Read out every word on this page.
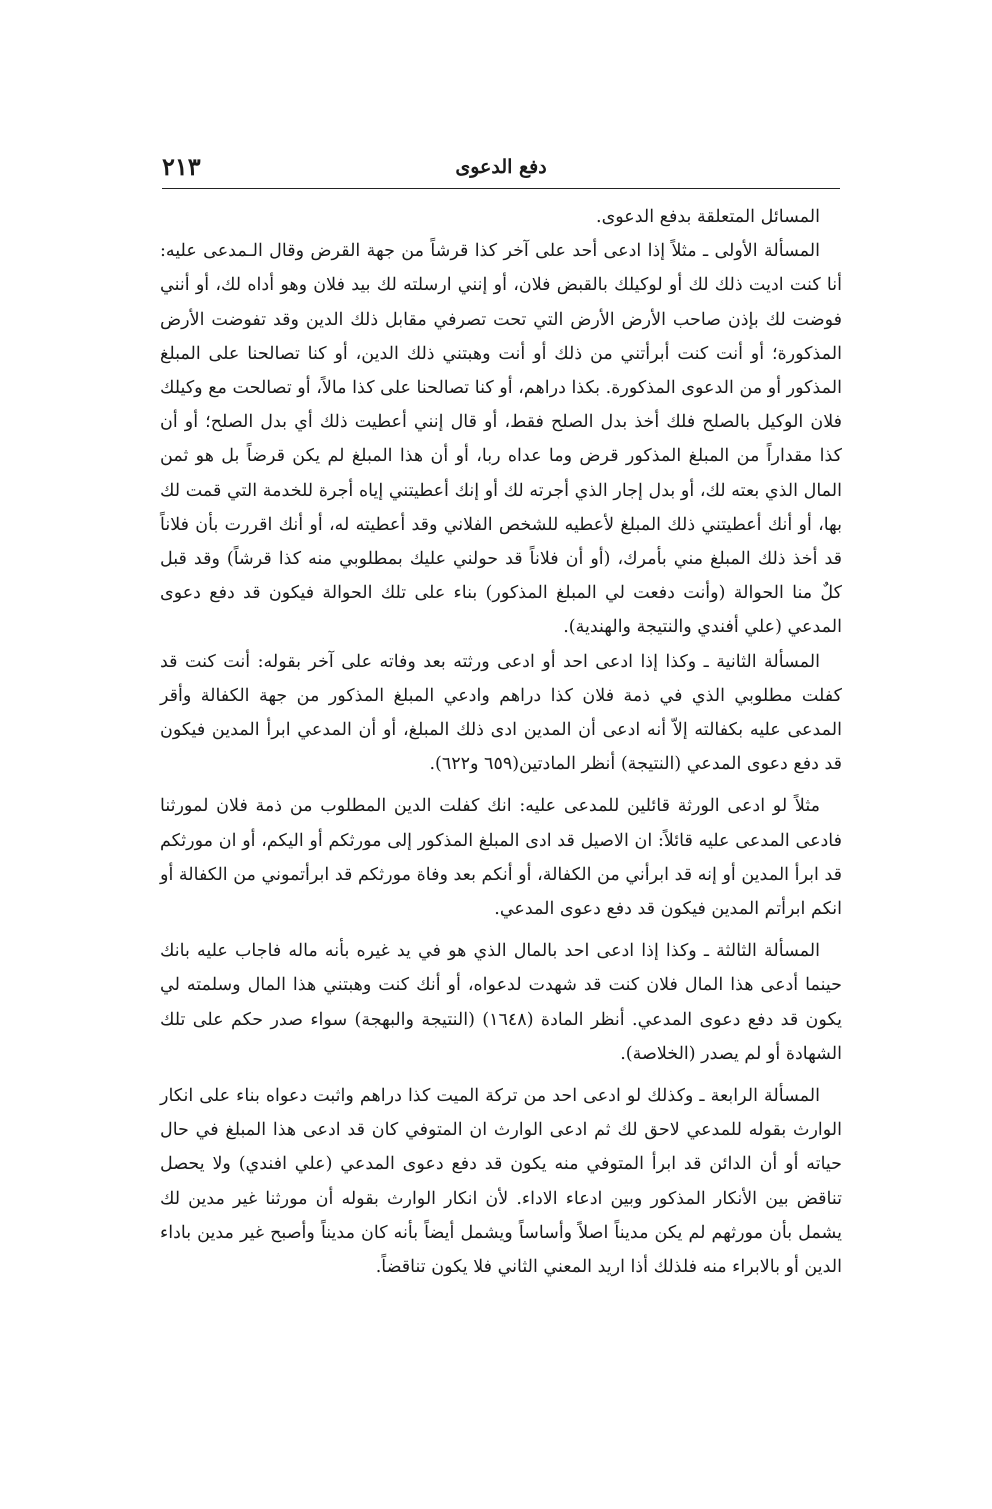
٢١٣	دفع الدعوى

المسائل المتعلقة بدفع الدعوى.

المسألة الأولى ـ مثلاً إذا ادعى أحد على آخر كذا قرشاً من جهة القرض وقال الـمدعى عليه: أنا كنت اديت ذلك لك أو لوكيلك بالقبض فلان، أو إنني ارسلته لك بيد فلان وهو أداه لك، أو أنني فوضت لك بإذن صاحب الأرض الأرض التي تحت تصرفي مقابل ذلك الدين وقد تفوضت الأرض المذكورة؛ أو أنت كنت أبرأتني من ذلك أو أنت وهبتني ذلك الدين، أو كنا تصالحنا على المبلغ المذكور أو من الدعوى المذكورة. بكذا دراهم، أو كنا تصالحنا على كذا مالاً، أو تصالحت مع وكيلك فلان الوكيل بالصلح فلك أخذ بدل الصلح فقط، أو قال إنني أعطيت ذلك أي بدل الصلح؛ أو أن كذا مقداراً من المبلغ المذكور قرض وما عداه ربا، أو أن هذا المبلغ لم يكن قرضاً بل هو ثمن المال الذي بعته لك، أو بدل إجار الذي أجرته لك أو إنك أعطيتني إياه أجرة للخدمة التي قمت لك بها، أو أنك أعطيتني ذلك المبلغ لأعطيه للشخص الفلاني وقد أعطيته له، أو أنك اقررت بأن فلاناً قد أخذ ذلك المبلغ مني بأمرك، (أو أن فلاناً قد حولني عليك بمطلوبي منه كذا قرشاً) وقد قبل كلٌ منا الحوالة (وأنت دفعت لي المبلغ المذكور) بناء على تلك الحوالة فيكون قد دفع دعوى المدعي (علي أفندي والنتيجة والهندية).

المسألة الثانية ـ وكذا إذا ادعى احد أو ادعى ورثته بعد وفاته على آخر بقوله: أنت كنت قد كفلت مطلوبي الذي في ذمة فلان كذا دراهم وادعي المبلغ المذكور من جهة الكفالة وأقر المدعى عليه بكفالته إلاّ أنه ادعى أن المدين ادى ذلك المبلغ، أو أن المدعي ابرأ المدين فيكون قد دفع دعوى المدعي (النتيجة) أنظر المادتين(٦٥٩ و٦٢٢).

مثلاً لو ادعى الورثة قائلين للمدعى عليه: انك كفلت الدين المطلوب من ذمة فلان لمورثنا فادعى المدعى عليه قائلاً: ان الاصيل قد ادى المبلغ المذكور إلى مورثكم أو اليكم، أو ان مورثكم قد ابرأ المدين أو إنه قد ابرأني من الكفالة، أو أنكم بعد وفاة مورثكم قد ابرأتموني من الكفالة أو انكم ابرأتم المدين فيكون قد دفع دعوى المدعي.

المسألة الثالثة ـ وكذا إذا ادعى احد بالمال الذي هو في يد غيره بأنه ماله فاجاب عليه بانك حينما أدعى هذا المال فلان كنت قد شهدت لدعواه، أو أنك كنت وهبتني هذا المال وسلمته لي يكون قد دفع دعوى المدعي. أنظر المادة (١٦٤٨) (النتيجة والبهجة) سواء صدر حكم على تلك الشهادة أو لم يصدر (الخلاصة).

المسألة الرابعة ـ وكذلك لو ادعى احد من تركة الميت كذا دراهم واثبت دعواه بناء على انكار الوارث بقوله للمدعي لاحق لك ثم ادعى الوارث ان المتوفي كان قد ادعى هذا المبلغ في حال حياته أو أن الدائن قد ابرأ المتوفي منه يكون قد دفع دعوى المدعي (علي افندي) ولا يحصل تناقض بين الأنكار المذكور وبين ادعاء الاداء. لأن انكار الوارث بقوله أن مورثنا غير مدين لك يشمل بأن مورثهم لم يكن مديناً اصلاً وأساساً ويشمل أيضاً بأنه كان مديناً وأصبح غير مدين باداء الدين أو بالابراء منه فلذلك أذا اريد المعني الثاني فلا يكون تناقضاً.
